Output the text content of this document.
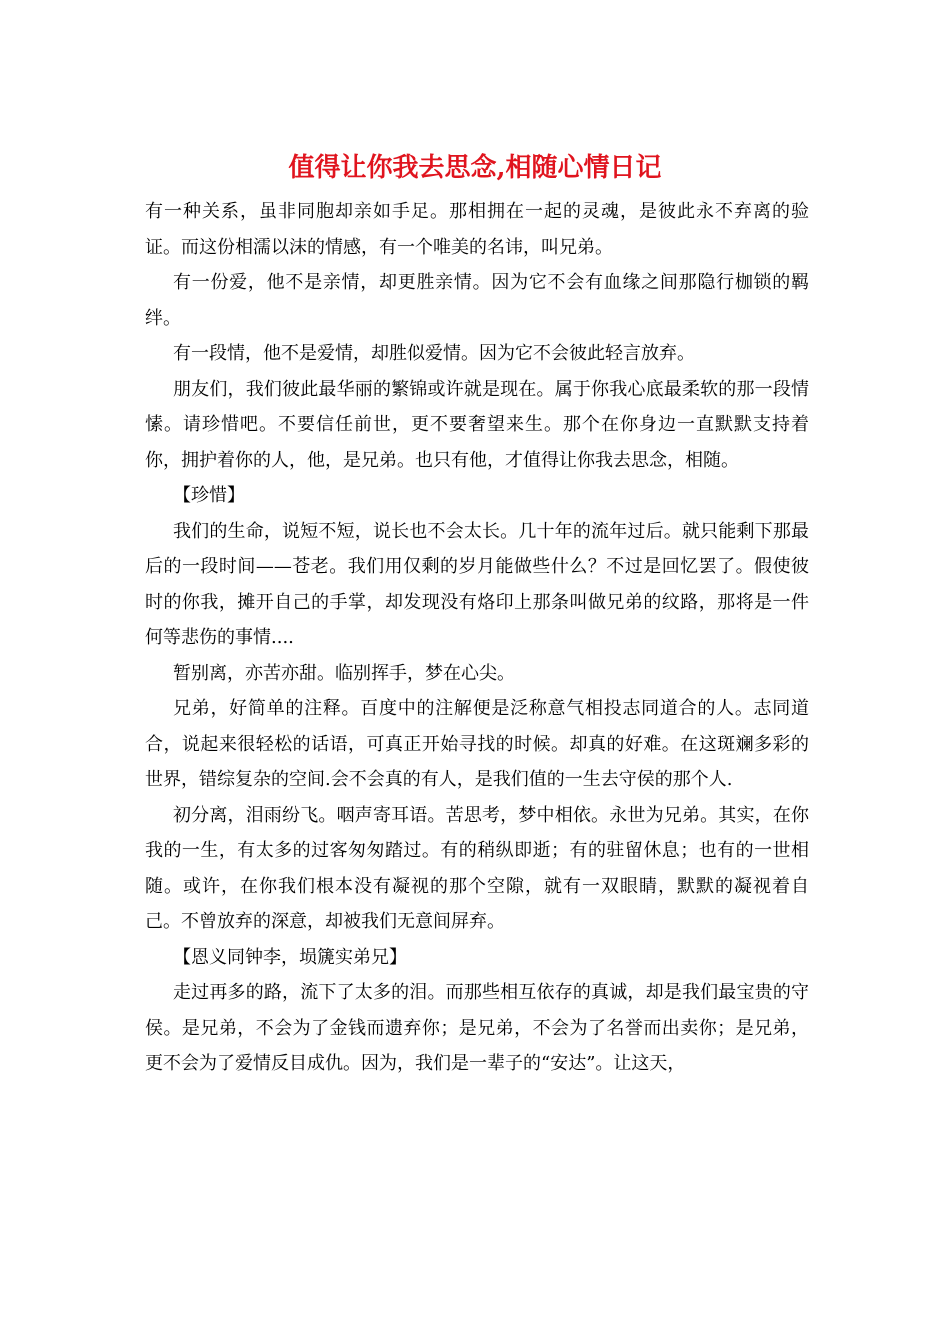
值得让你我去思念,相随心情日记

有一种关系，虽非同胞却亲如手足。那相拥在一起的灵魂，是彼此永不弃离的验证。而这份相濡以沫的情感，有一个唯美的名讳，叫兄弟。

有一份爱，他不是亲情，却更胜亲情。因为它不会有血缘之间那隐行枷锁的羁绊。

有一段情，他不是爱情，却胜似爱情。因为它不会彼此轻言放弃。

朋友们，我们彼此最华丽的繁锦或许就是现在。属于你我心底最柔软的那一段情愫。请珍惜吧。不要信任前世，更不要奢望来生。那个在你身边一直默默支持着你，拥护着你的人，他，是兄弟。也只有他，才值得让你我去思念，相随。

【珍惜】

我们的生命，说短不短，说长也不会太长。几十年的流年过后。就只能剩下那最后的一段时间——苍老。我们用仅剩的岁月能做些什么？不过是回忆罢了。假使彼时的你我，摊开自己的手掌，却发现没有烙印上那条叫做兄弟的纹路，那将是一件何等悲伤的事情....

暂别离，亦苦亦甜。临别挥手，梦在心尖。

兄弟，好简单的注释。百度中的注解便是泛称意气相投志同道合的人。志同道合，说起来很轻松的话语，可真正开始寻找的时候。却真的好难。在这斑斓多彩的世界，错综复杂的空间.会不会真的有人，是我们值的一生去守侯的那个人.

初分离，泪雨纷飞。咽声寄耳语。苦思考，梦中相依。永世为兄弟。其实，在你我的一生，有太多的过客匆匆踏过。有的稍纵即逝；有的驻留休息；也有的一世相随。或许，在你我们根本没有凝视的那个空隙，就有一双眼睛，默默的凝视着自己。不曾放弃的深意，却被我们无意间屏弃。

【恩义同钟李，埙篪实弟兄】

走过再多的路，流下了太多的泪。而那些相互依存的真诚，却是我们最宝贵的守侯。是兄弟，不会为了金钱而遗弃你；是兄弟，不会为了名誉而出卖你；是兄弟，更不会为了爱情反目成仇。因为，我们是一辈子的“安达”。让这天，
